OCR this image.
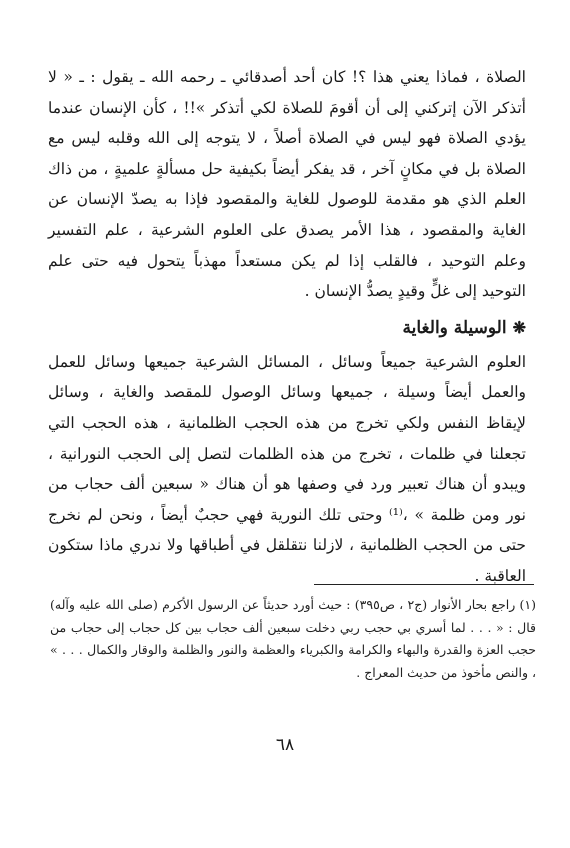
الصلاة ، فماذا يعني هذا ؟! كان أحد أصدقائي ـ رحمه الله ـ يقول : ـ « لا أتذكر الآن إتركني إلى أن أقومَ للصلاة لكي أتذكر »!! ، كأن الإنسان عندما يؤدي الصلاة فهو ليس في الصلاة أصلاً ، لا يتوجه إلى الله وقلبه ليس مع الصلاة بل في مكانٍ آخر ، قد يفكر أيضاً بكيفية حل مسألةٍ علميةٍ ، من ذاك العلم الذي هو مقدمة للوصول للغاية والمقصود فإذا به يصدّ الإنسان عن الغاية والمقصود ، هذا الأمر يصدق على العلوم الشرعية ، علم التفسير وعلم التوحيد ، فالقلب إذا لم يكن مستعداً مهذباً يتحول فيه حتى علم التوحيد إلى غلٍّ وقيدٍ يصدُّ الإنسان .

❋
الوسيلة والغاية

العلوم الشرعية جميعاً وسائل ، المسائل الشرعية جميعها وسائل للعمل والعمل أيضاً وسيلة ، جميعها وسائل الوصول للمقصد والغاية ، وسائل لإيقاظ النفس ولكي تخرج من هذه الحجب الظلمانية ، هذه الحجب التي تجعلنا في ظلمات ، تخرج من هذه الظلمات لتصل إلى الحجب النورانية ، ويبدو أن هناك تعبير ورد في وصفها هو أن هناك « سبعين ألف حجاب من نور ومن ظلمة » ،⁽¹⁾ وحتى تلك النورية فهي حجبٌ أيضاً ، ونحن لم نخرج حتى من الحجب الظلمانية ، لازلنا نتقلقل في أطباقها ولا ندري ماذا ستكون العاقبة .

(١) راجع بحار الأنوار (ج٢ ، ص٣٩٥) : حيث أورد حديثاً عن الرسول الأكرم (صلى الله عليه وآله) قال : « . . . لما أسري بي حجب ربي دخلت سبعين ألف حجاب بين كل حجاب إلى حجاب من حجب العزة والقدرة والبهاء والكرامة والكبرياء والعظمة والنور والظلمة والوقار والكمال . . . » ، والنص مأخوذ من حديث المعراج .
٦٨
